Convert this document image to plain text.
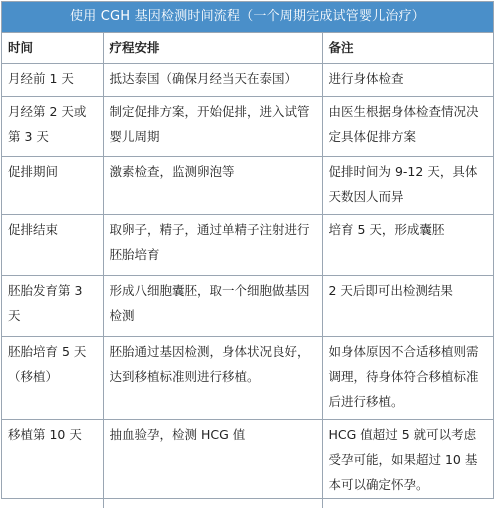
使用 CGH 基因检测时间流程（一个周期完成试管婴儿治疗）
时间	疗程安排	备注
月经前 1 天	抵达泰国（确保月经当天在泰国）	进行身体检查
月经第 2 天或第 3 天	制定促排方案，开始促排，进入试管婴儿周期	由医生根据身体检查情况决定具体促排方案
促排期间	激素检查，监测卵泡等	促排时间为 9-12 天，具体天数因人而异
促排结束	取卵子，精子，通过单精子注射进行胚胎培育	培育 5 天，形成囊胚
胚胎发育第 3 天	形成八细胞囊胚，取一个细胞做基因检测	2 天后即可出检测结果
胚胎培育 5 天（移植）	胚胎通过基因检测，身体状况良好，达到移植标准则进行移植。	如身体原因不合适移植则需调理，待身体符合移植标准后进行移植。
移植第 10 天	抽血验孕，检测 HCG 值	HCG 值超过 5 就可以考虑受孕可能，如果超过 10 基本可以确定怀孕。
